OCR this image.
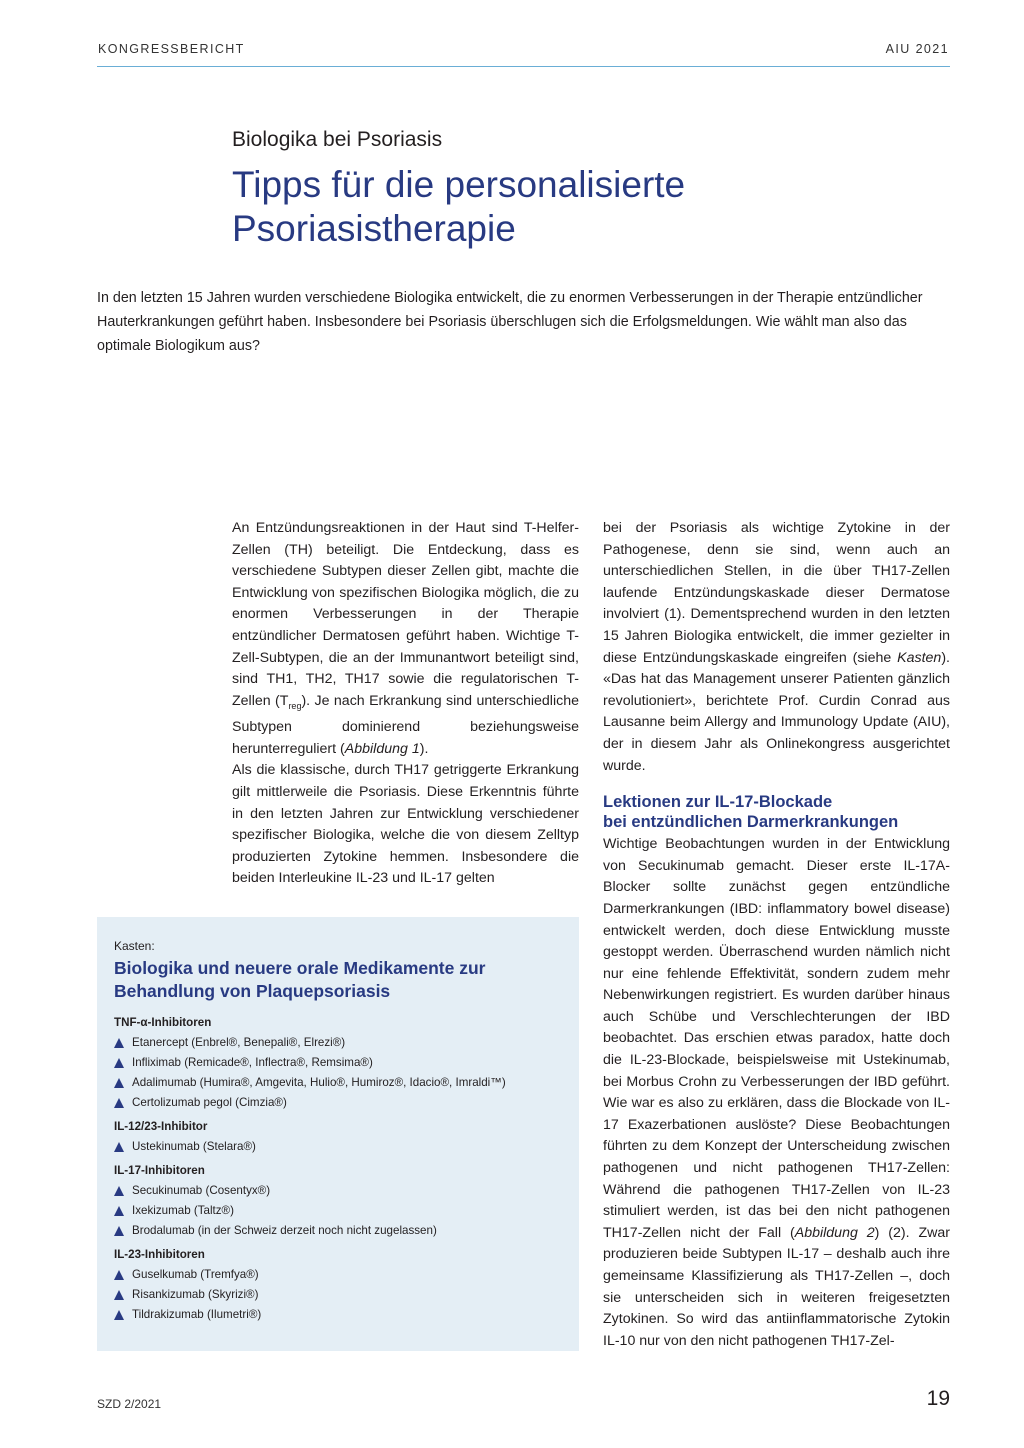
KONGRESSBERICHT	AIU 2021
Biologika bei Psoriasis
Tipps für die personalisierte Psoriasistherapie

In den letzten 15 Jahren wurden verschiedene Biologika entwickelt, die zu enormen Verbesserungen in der Therapie entzündlicher Hauterkrankungen geführt haben. Insbesondere bei Psoriasis überschlugen sich die Erfolgsmeldungen. Wie wählt man also das optimale Biologikum aus?

An Entzündungsreaktionen in der Haut sind T-Helfer-Zellen (TH) beteiligt. Die Entdeckung, dass es verschiedene Subtypen dieser Zellen gibt, machte die Entwicklung von spezifischen Biologika möglich, die zu enormen Verbesserungen in der Therapie entzündlicher Dermatosen geführt haben. Wichtige T-Zell-Subtypen, die an der Immunantwort beteiligt sind, sind TH1, TH2, TH17 sowie die regulatorischen T-Zellen $(T_{reg})$. Je nach Erkrankung sind unterschiedliche Subtypen dominierend beziehungsweise herunterreguliert (Abbildung 1).

Als die klassische, durch TH17 getriggerte Erkrankung gilt mittlerweile die Psoriasis. Diese Erkenntnis führte in den letzten Jahren zur Entwicklung verschiedener spezifischer Biologika, welche die von diesem Zelltyp produzierten Zytokine hemmen. Insbesondere die beiden Interleukine IL-23 und IL-17 gelten

bei der Psoriasis als wichtige Zytokine in der Pathogenese, denn sie sind, wenn auch an unterschiedlichen Stellen, in die über TH17-Zellen laufende Entzündungskaskade dieser Dermatose involviert (1). Dementsprechend wurden in den letzten 15 Jahren Biologika entwickelt, die immer gezielter in diese Entzündungskaskade eingreifen (siehe Kasten). «Das hat das Management unserer Patienten gänzlich revolutioniert», berichtete Prof. Curdin Conrad aus Lausanne beim Allergy and Immunology Update (AIU), der in diesem Jahr als Onlinekongress ausgerichtet wurde.

Lektionen zur IL-17-Blockade
bei entzündlichen Darmerkrankungen

Wichtige Beobachtungen wurden in der Entwicklung von Secukinumab gemacht. Dieser erste IL-17A-Blocker sollte zunächst gegen entzündliche Darmerkrankungen (IBD: inflammatory bowel disease) entwickelt werden, doch diese Entwicklung musste gestoppt werden. Überraschend wurden nämlich nicht nur eine fehlende Effektivität, sondern zudem mehr Nebenwirkungen registriert. Es wurden darüber hinaus auch Schübe und Verschlechterungen der IBD beobachtet. Das erschien etwas paradox, hatte doch die IL-23-Blockade, beispielsweise mit Ustekinumab, bei Morbus Crohn zu Verbesserungen der IBD geführt. Wie war es also zu erklären, dass die Blockade von IL-17 Exazerbationen auslöste? Diese Beobachtungen führten zu dem Konzept der Unterscheidung zwischen pathogenen und nicht pathogenen TH17-Zellen: Während die pathogenen TH17-Zellen von IL-23 stimuliert werden, ist das bei den nicht pathogenen TH17-Zellen nicht der Fall (Abbildung 2) (2). Zwar produzieren beide Subtypen IL-17 – deshalb auch ihre gemeinsame Klassifizierung als TH17-Zellen –, doch sie unterscheiden sich in weiteren freigesetzten Zytokinen. So wird das antiinflammatorische Zytokin IL-10 nur von den nicht pathogenen TH17-Zel-

Kasten:
Biologika und neuere orale Medikamente zur Behandlung von Plaquepsoriasis
TNF-α-Inhibitoren
Etanercept (Enbrel®, Benepali®, Elrezi®)
Infliximab (Remicade®, Inflectra®, Remsima®)
Adalimumab (Humira®, Amgevita, Hulio®, Humiroz®, Idacio®, Imraldi™)
Certolizumab pegol (Cimzia®)
IL-12/23-Inhibitor
Ustekinumab (Stelara®)
IL-17-Inhibitoren
Secukinumab (Cosentyx®)
Ixekizumab (Taltz®)
Brodalumab (in der Schweiz derzeit noch nicht zugelassen)
IL-23-Inhibitoren
Guselkumab (Tremfya®)
Risankizumab (Skyrizi®)
Tildrakizumab (Ilumetri®)
SZD 2/2021	19
